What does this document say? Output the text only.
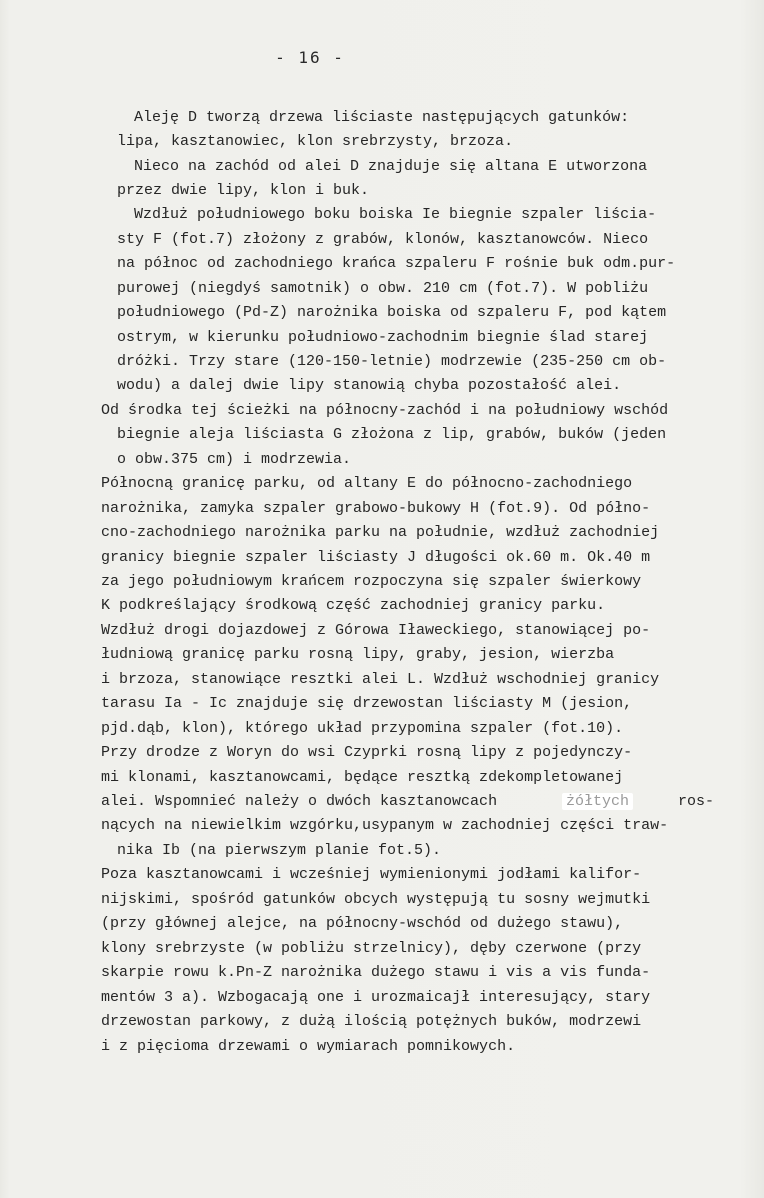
- 16 -
Aleję D tworzą drzewa liściaste następujących gatunków:
lipa, kasztanowiec, klon srebrzysty, brzoza.
Nieco na zachód od alei D znajduje się altana E utworzona
przez dwie lipy, klon i buk.
Wzdłuż południowego boku boiska Ie biegnie szpaler liścia-
sty F (fot.7) złożony z grabów, klonów, kasztanowców. Nieco
na północ od zachodniego krańca szpaleru F rośnie buk odm.pur-
purowej (niegdyś samotnik) o obw. 210 cm (fot.7). W pobliżu
południowego (Pd-Z) narożnika boiska od szpaleru F, pod kątem
ostrym, w kierunku południowo-zachodnim biegnie ślad starej
dróżki. Trzy stare (120-150-letnie) modrzewie (235-250 cm ob-
wodu) a dalej dwie lipy stanowią chyba pozostałość alei.
Od środka tej ścieżki na północny-zachód i na południowy wschód
biegnie aleja liściasta G złożona z lip, grabów, buków (jeden
o obw.375 cm) i modrzewia.
Północną granicę parku, od altany E do północno-zachodniego
narożnika, zamyka szpaler grabowo-bukowy H (fot.9). Od półno-
cno-zachodniego narożnika parku na południe, wzdłuż zachodniej
granicy biegnie szpaler liściasty J długości ok.60 m. Ok.40 m
za jego południowym krańcem rozpoczyna się szpaler świerkowy
K podkreślający środkową część zachodniej granicy parku.
Wzdłuż drogi dojazdowej z Górowa Iławeckiego, stanowiącej po-
łudniową granicę parku rosną lipy, graby, jesion, wierzba
i brzoza, stanowiące resztki alei L. Wzdłuż wschodniej granicy
tarasu Ia - Ic znajduje się drzewostan liściasty M (jesion,
pjd.dąb, klon), którego układ przypomina szpaler (fot.10).
Przy drodze z Woryn do wsi Czyprki rosną lipy z pojedynczy-
mi klonami, kasztanowcami, będące resztką zdekompletowanej
alei. Wspomnieć należy o dwóch kasztanowcach	żółtych	ros-
nących na niewielkim wzgórku,usypanym w zachodniej części traw-
nika Ib (na pierwszym planie fot.5).
Poza kasztanowcami i wcześniej wymienionymi jodłami kalifor-
nijskimi, spośród gatunków obcych występują tu sosny wejmutki
(przy głównej alejce, na północny-wschód od dużego stawu),
klony srebrzyste (w pobliżu strzelnicy), dęby czerwone (przy
skarpie rowu k.Pn-Z narożnika dużego stawu i vis a vis funda-
mentów 3 a). Wzbogacają one i urozmaicajł interesujący, stary
drzewostan parkowy, z dużą ilością potężnych buków, modrzewi
i z pięcioma drzewami o wymiarach pomnikowych.
